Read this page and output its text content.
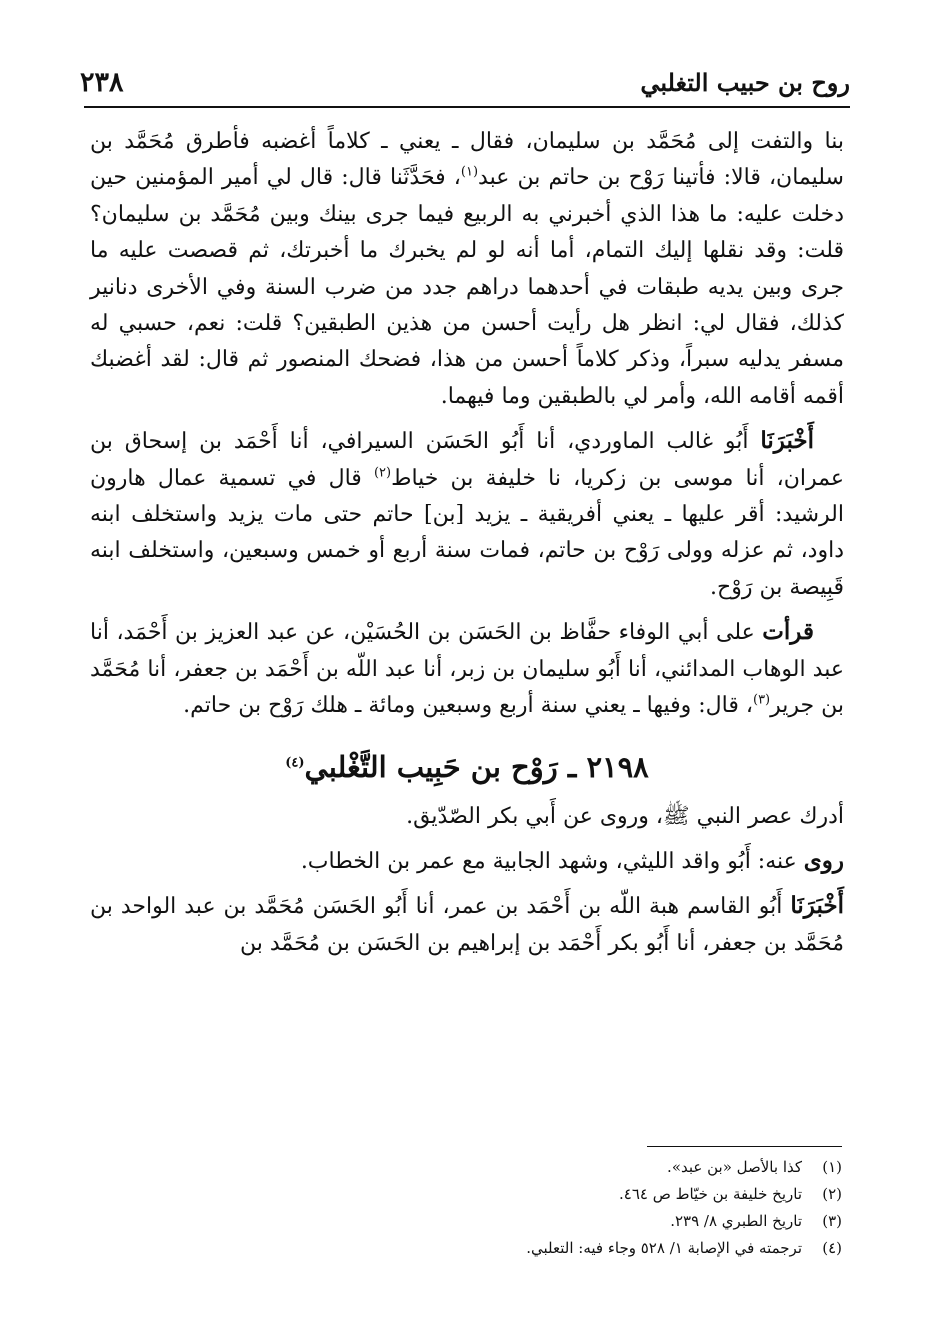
روح بن حبيب التغلبي
٢٣٨

بنا والتفت إلى مُحَمَّد بن سليمان، فقال ـ يعني ـ كلاماً أغضبه فأطرق مُحَمَّد بن سليمان، قالا: فأتينا رَوْح بن حاتم بن عبد$^{(١)}$، فحَدَّثَنا قال: قال لي أمير المؤمنين حين دخلت عليه: ما هذا الذي أخبرني به الربيع فيما جرى بينك وبين مُحَمَّد بن سليمان؟ قلت: وقد نقلها إليك التمام، أما أنه لو لم يخبرك ما أخبرتك، ثم قصصت عليه ما جرى وبين يديه طبقات في أحدهما دراهم جدد من ضرب السنة وفي الأخرى دنانير كذلك، فقال لي: انظر هل رأيت أحسن من هذين الطبقين؟ قلت: نعم، حسبي له مسفر يدليه سبراً، وذكر كلاماً أحسن من هذا، فضحك المنصور ثم قال: لقد أغضبك أقمه أقامه الله، وأمر لي بالطبقين وما فيهما.

أَخْبَرَنَا أَبُو غالب الماوردي، أنا أَبُو الحَسَن السيرافي، أنا أَحْمَد بن إسحاق بن عمران، أنا موسى بن زكريا، نا خليفة بن خياط$^{(٢)}$ قال في تسمية عمال هارون الرشيد: أقر عليها ـ يعني أفريقية ـ يزيد [بن] حاتم حتى مات يزيد واستخلف ابنه داود، ثم عزله وولى رَوْح بن حاتم، فمات سنة أربع أو خمس وسبعين، واستخلف ابنه قَبِيصة بن رَوْح.

قرأت على أبي الوفاء حفَّاظ بن الحَسَن بن الحُسَيْن، عن عبد العزيز بن أَحْمَد، أنا عبد الوهاب المدائني، أنا أَبُو سليمان بن زبر، أنا عبد اللّه بن أَحْمَد بن جعفر، أنا مُحَمَّد بن جرير$^{(٣)}$، قال: وفيها ـ يعني سنة أربع وسبعين ومائة ـ هلك رَوْح بن حاتم.

٢١٩٨ ـ رَوْح بن حَبِيب التَّغْلبي$^{(٤)}$

أدرك عصر النبي ﷺ، وروى عن أَبي بكر الصّدّيق.

روى عنه: أَبُو واقد الليثي، وشهد الجابية مع عمر بن الخطاب.

أَخْبَرَنَا أَبُو القاسم هبة اللّه بن أَحْمَد بن عمر، أنا أَبُو الحَسَن مُحَمَّد بن عبد الواحد بن مُحَمَّد بن جعفر، أنا أَبُو بكر أَحْمَد بن إبراهيم بن الحَسَن بن مُحَمَّد بن

(١)
كذا بالأصل «بن عبد».
(٢)
تاريخ خليفة بن خيّاط ص ٤٦٤.
(٣)
تاريخ الطبري ٨/ ٢٣٩.
(٤)
ترجمته في الإصابة ١/ ٥٢٨ وجاء فيه: التعلبي.
